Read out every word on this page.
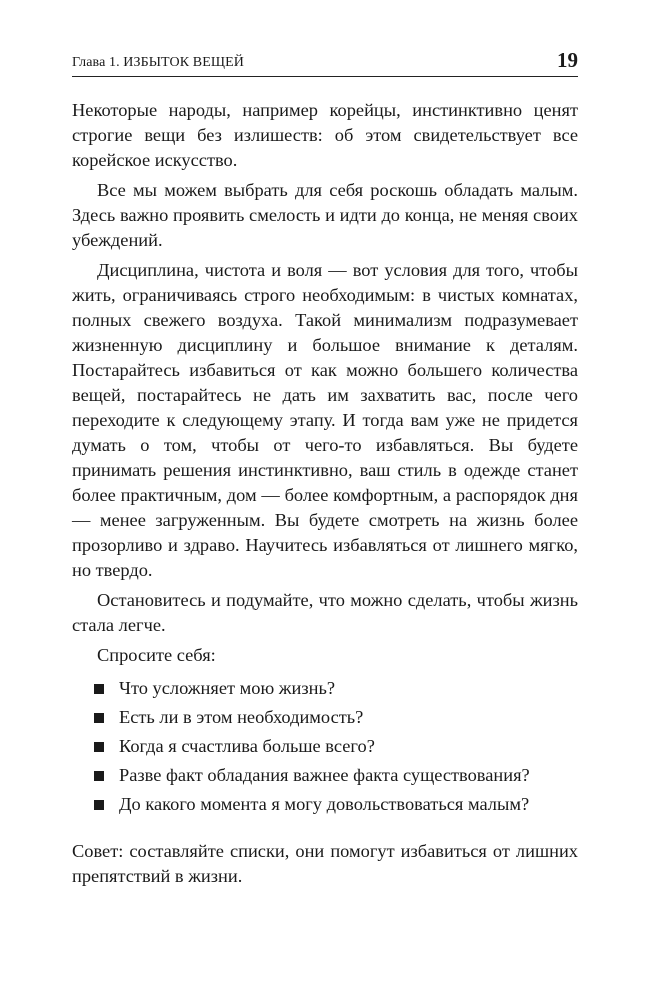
Глава 1. ИЗБЫТОК ВЕЩЕЙ	19

Некоторые народы, например корейцы, инстинктивно ценят строгие вещи без излишеств: об этом свидетельствует все корейское искусство.

Все мы можем выбрать для себя роскошь обладать малым. Здесь важно проявить смелость и идти до конца, не меняя своих убеждений.

Дисциплина, чистота и воля — вот условия для того, чтобы жить, ограничиваясь строго необходимым: в чистых комнатах, полных свежего воздуха. Такой минимализм подразумевает жизненную дисциплину и большое внимание к деталям. Постарайтесь избавиться от как можно большего количества вещей, постарайтесь не дать им захватить вас, после чего переходите к следующему этапу. И тогда вам уже не придется думать о том, чтобы от чего-то избавляться. Вы будете принимать решения инстинктивно, ваш стиль в одежде станет более практичным, дом — более комфортным, а распорядок дня — менее загруженным. Вы будете смотреть на жизнь более прозорливо и здраво. Научитесь избавляться от лишнего мягко, но твердо.

Остановитесь и подумайте, что можно сделать, чтобы жизнь стала легче.

Спросите себя:

Что усложняет мою жизнь?
Есть ли в этом необходимость?
Когда я счастлива больше всего?
Разве факт обладания важнее факта существования?
До какого момента я могу довольствоваться малым?

Совет: составляйте списки, они помогут избавиться от лишних препятствий в жизни.
